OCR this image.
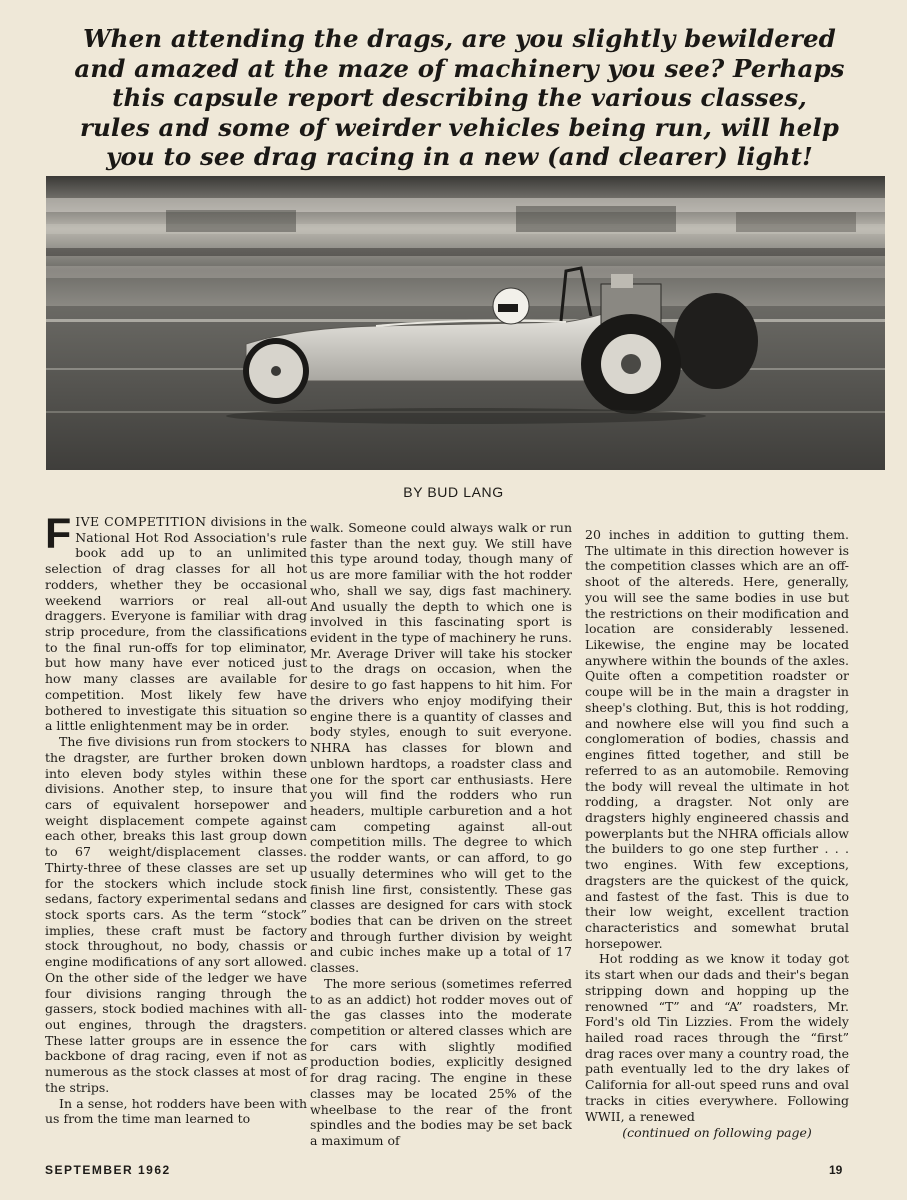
When attending the drags, are you slightly bewildered
and amazed at the maze of machinery you see? Perhaps
this capsule report describing the various classes,
rules and some of weirder vehicles being run, will help
you to see drag racing in a new (and clearer) light!
BY BUD LANG

FIVE COMPETITION divisions in the National Hot Rod Association's rule book add up to an unlimited selection of drag classes for all hot rodders, whether they be occasional weekend warriors or real all-out draggers. Everyone is familiar with drag strip procedure, from the classifications to the final run-offs for top eliminator, but how many have ever noticed just how many classes are available for competition. Most likely few have bothered to investigate this situation so a little enlightenment may be in order.

The five divisions run from stockers to the dragster, are further broken down into eleven body styles within these divisions. Another step, to insure that cars of equivalent horsepower and weight displacement compete against each other, breaks this last group down to 67 weight/displacement classes. Thirty-three of these classes are set up for the stockers which include stock sedans, factory experimental sedans and stock sports cars. As the term “stock” implies, these craft must be factory stock throughout, no body, chassis or engine modifications of any sort allowed. On the other side of the ledger we have four divisions ranging through the gassers, stock bodied machines with all-out engines, through the dragsters. These latter groups are in essence the backbone of drag racing, even if not as numerous as the stock classes at most of the strips.

In a sense, hot rodders have been with us from the time man learned to

walk. Someone could always walk or run faster than the next guy. We still have this type around today, though many of us are more familiar with the hot rodder who, shall we say, digs fast machinery. And usually the depth to which one is involved in this fascinating sport is evident in the type of machinery he runs. Mr. Average Driver will take his stocker to the drags on occasion, when the desire to go fast happens to hit him. For the drivers who enjoy modifying their engine there is a quantity of classes and body styles, enough to suit everyone. NHRA has classes for blown and unblown hardtops, a roadster class and one for the sport car enthusiasts. Here you will find the rodders who run headers, multiple carburetion and a hot cam competing against all-out competition mills. The degree to which the rodder wants, or can afford, to go usually determines who will get to the finish line first, consistently. These gas classes are designed for cars with stock bodies that can be driven on the street and through further division by weight and cubic inches make up a total of 17 classes.

The more serious (sometimes referred to as an addict) hot rodder moves out of the gas classes into the moderate competition or altered classes which are for cars with slightly modified production bodies, explicitly designed for drag racing. The engine in these classes may be located 25% of the wheelbase to the rear of the front spindles and the bodies may be set back a maximum of

20 inches in addition to gutting them. The ultimate in this direction however is the competition classes which are an off-shoot of the altereds. Here, generally, you will see the same bodies in use but the restrictions on their modification and location are considerably lessened. Likewise, the engine may be located anywhere within the bounds of the axles. Quite often a competition roadster or coupe will be in the main a dragster in sheep's clothing. But, this is hot rodding, and nowhere else will you find such a conglomeration of bodies, chassis and engines fitted together, and still be referred to as an automobile. Removing the body will reveal the ultimate in hot rodding, a dragster. Not only are dragsters highly engineered chassis and powerplants but the NHRA officials allow the builders to go one step further . . . two engines. With few exceptions, dragsters are the quickest of the quick, and fastest of the fast. This is due to their low weight, excellent traction characteristics and somewhat brutal horsepower.

Hot rodding as we know it today got its start when our dads and their's began stripping down and hopping up the renowned “T” and “A” roadsters, Mr. Ford's old Tin Lizzies. From the widely hailed road races through the “first” drag races over many a country road, the path eventually led to the dry lakes of California for all-out speed runs and oval tracks in cities everywhere. Following WWII, a renewed

(continued on following page)

SEPTEMBER 1962	19
